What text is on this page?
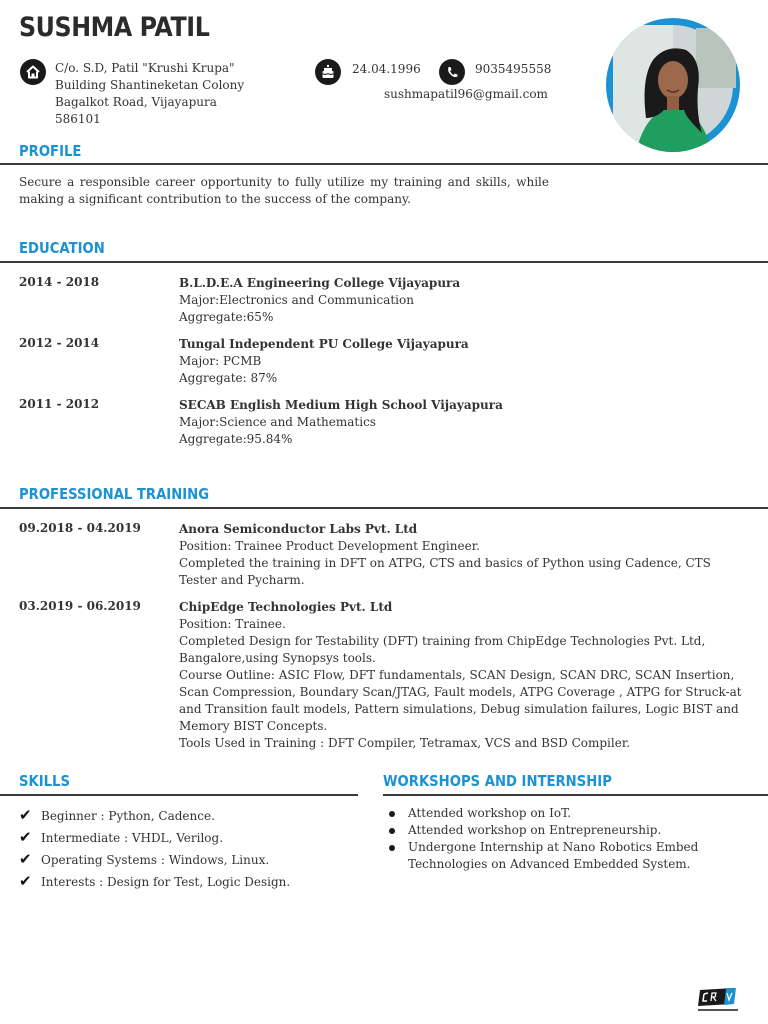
SUSHMA PATIL
C/o. S.D, Patil "Krushi Krupa"
Building Shantineketan Colony
Bagalkot Road, Vijayapura
586101
24.04.1996	9035495558
sushmapatil96@gmail.com
PROFILE

Secure a responsible career opportunity to fully utilize my training and skills, while making a significant contribution to the success of the company.

EDUCATION
2014 - 2018	B.L.D.E.A Engineering College Vijayapura
Major:Electronics and Communication
Aggregate:65%
2012 - 2014	Tungal Independent PU College Vijayapura
Major: PCMB
Aggregate: 87%
2011 - 2012	SECAB English Medium High School Vijayapura
Major:Science and Mathematics
Aggregate:95.84%
PROFESSIONAL TRAINING
09.2018 - 04.2019	Anora Semiconductor Labs Pvt. Ltd
Position: Trainee Product Development Engineer.
Completed the training in DFT on ATPG, CTS and basics of Python using Cadence, CTS Tester and Pycharm.
03.2019 - 06.2019	ChipEdge Technologies Pvt. Ltd
Position: Trainee.
Completed Design for Testability (DFT) training from ChipEdge Technologies Pvt. Ltd, Bangalore,using Synopsys tools.
Course Outline: ASIC Flow, DFT fundamentals, SCAN Design, SCAN DRC, SCAN Insertion, Scan Compression, Boundary Scan/JTAG, Fault models, ATPG Coverage , ATPG for Struck-at and Transition fault models, Pattern simulations, Debug simulation failures, Logic BIST and Memory BIST Concepts.
Tools Used in Training : DFT Compiler, Tetramax, VCS and BSD Compiler.
SKILLS
✔ Beginner : Python, Cadence.
✔ Intermediate : VHDL, Verilog.
✔ Operating Systems : Windows, Linux.
✔ Interests : Design for Test, Logic Design.
WORKSHOPS AND INTERNSHIP
Attended workshop on IoT.
Attended workshop on Entrepreneurship.
Undergone Internship at Nano Robotics Embed Technologies on Advanced Embedded System.
